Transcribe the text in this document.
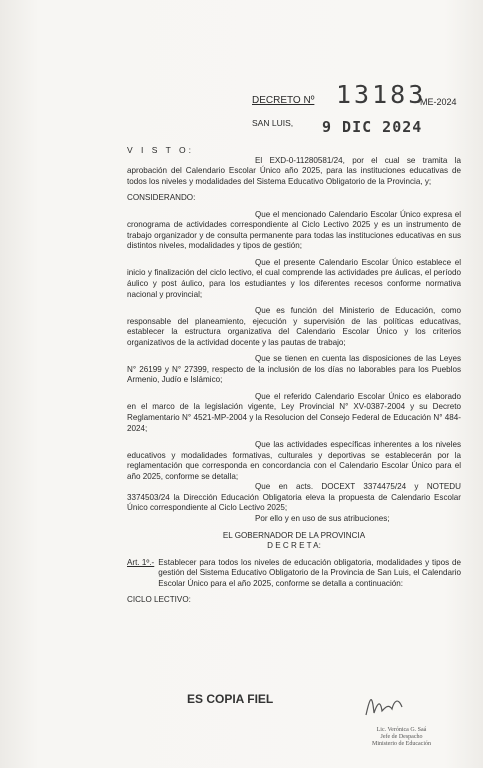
DECRETO Nº 13183
-ME-2024
SAN LUIS, 9 DIC 2024

V I S T O:

El EXD-0-11280581/24, por el cual se tramita la aprobación del Calendario Escolar Único año 2025, para las instituciones educativas de todos los niveles y modalidades del Sistema Educativo Obligatorio de la Provincia, y;

CONSIDERANDO:

Que el mencionado Calendario Escolar Único expresa el cronograma de actividades correspondiente al Ciclo Lectivo 2025 y es un instrumento de trabajo organizador y de consulta permanente para todas las instituciones educativas en sus distintos niveles, modalidades y tipos de gestión;

Que el presente Calendario Escolar Único establece el inicio y finalización del ciclo lectivo, el cual comprende las actividades pre áulicas, el período áulico y post áulico, para los estudiantes y los diferentes recesos conforme normativa nacional y provincial;

Que es función del Ministerio de Educación, como responsable del planeamiento, ejecución y supervisión de las políticas educativas, establecer la estructura organizativa del Calendario Escolar Único y los criterios organizativos de la actividad docente y las pautas de trabajo;

Que se tienen en cuenta las disposiciones de las Leyes N° 26199 y N° 27399, respecto de la inclusión de los días no laborables para los Pueblos Armenio, Judío e Islámico;

Que el referido Calendario Escolar Único es elaborado en el marco de la legislación vigente, Ley Provincial N° XV-0387-2004 y su Decreto Reglamentario N° 4521-MP-2004 y la Resolucion del Consejo Federal de Educación N° 484-2024;

Que las actividades específicas inherentes a los niveles educativos y modalidades formativas, culturales y deportivas se establecerán por la reglamentación que corresponda en concordancia con el Calendario Escolar Único para el año 2025, conforme se detalla;

Que en acts. DOCEXT 3374475/24 y NOTEDU 3374503/24 la Dirección Educación Obligatoria eleva la propuesta de Calendario Escolar Único correspondiente al Ciclo Lectivo 2025;

Por ello y en uso de sus atribuciones;

EL GOBERNADOR DE LA PROVINCIA

D E C R E T A:

Art. 1º.- Establecer para todos los niveles de educación obligatoria, modalidades y tipos de gestión del Sistema Educativo Obligatorio de la Provincia de San Luis, el Calendario Escolar Único para el año 2025, conforme se detalla a continuación:

CICLO LECTIVO:

ES COPIA FIEL
Lic. Verónica G. Saá
Jefe de Despacho
Ministerio de Educación
